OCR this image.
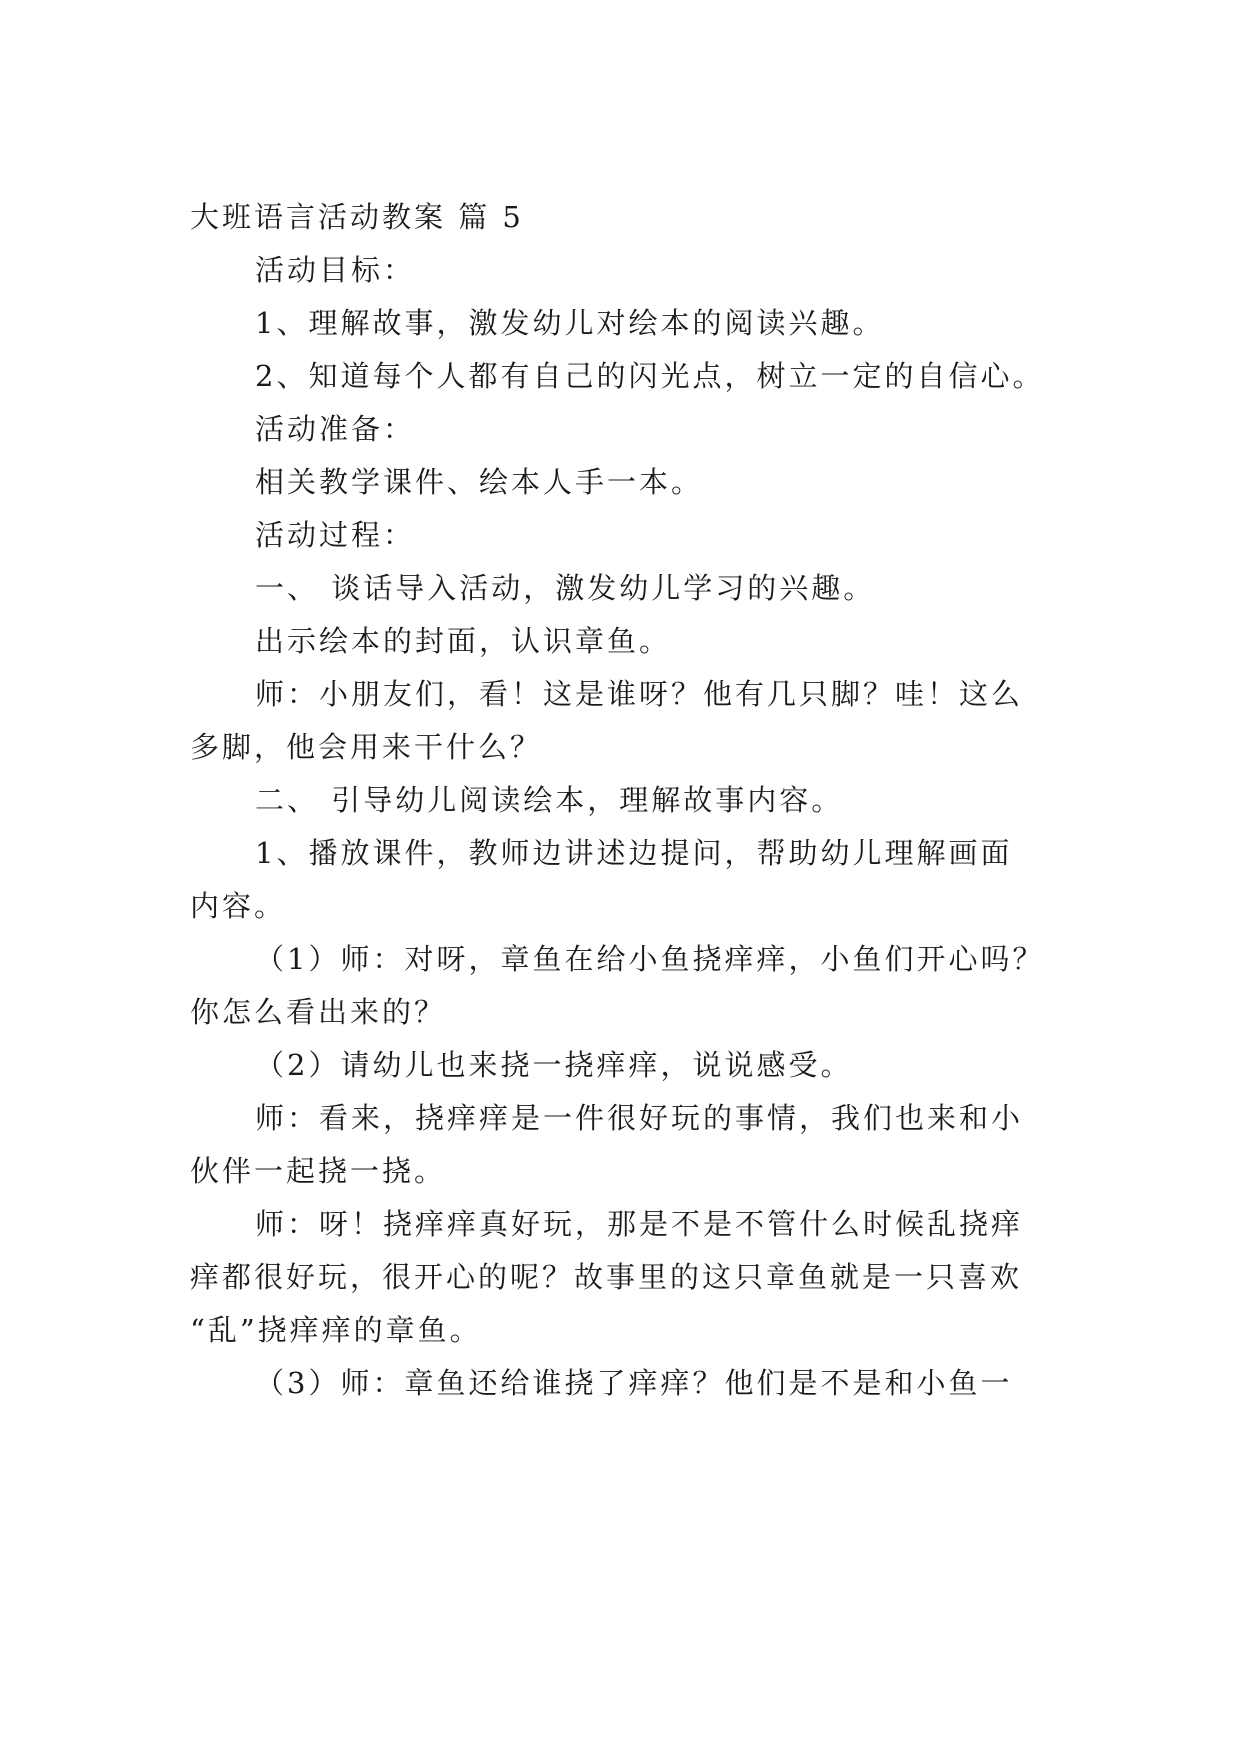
大班语言活动教案 篇 5
活动目标：
1、理解故事，激发幼儿对绘本的阅读兴趣。
2、知道每个人都有自己的闪光点，树立一定的自信心。
活动准备：
相关教学课件、绘本人手一本。
活动过程：
一、 谈话导入活动，激发幼儿学习的兴趣。
出示绘本的封面，认识章鱼。
师：小朋友们，看！这是谁呀？他有几只脚？哇！这么
多脚，他会用来干什么？
二、 引导幼儿阅读绘本，理解故事内容。
1、播放课件，教师边讲述边提问，帮助幼儿理解画面
内容。
（1）师：对呀，章鱼在给小鱼挠痒痒，小鱼们开心吗？
你怎么看出来的？
（2）请幼儿也来挠一挠痒痒，说说感受。
师：看来，挠痒痒是一件很好玩的事情，我们也来和小
伙伴一起挠一挠。
师：呀！挠痒痒真好玩，那是不是不管什么时候乱挠痒
痒都很好玩，很开心的呢？故事里的这只章鱼就是一只喜欢
“乱”挠痒痒的章鱼。
（3）师：章鱼还给谁挠了痒痒？他们是不是和小鱼一
